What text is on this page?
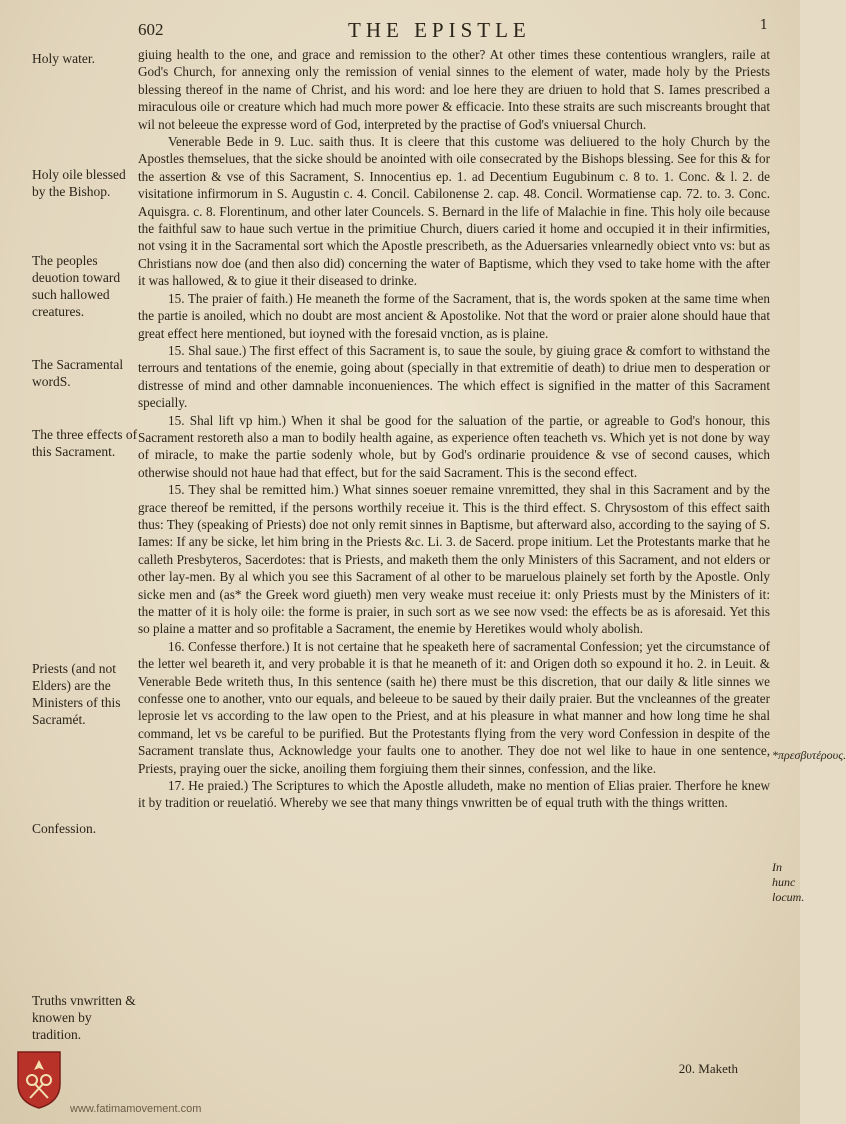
602	THE EPISTLE	1
Holy water.
Holy oile blessed by the Bishop.
The peoples deuotion toward such hallowed creatures.
The Sacramental wordS.
The three effects of this Sacrament.
Priests (and not Elders) are the Ministers of this Sacramét.
Confession.
Truths vnwritten & knowen by tradition.
*πρεσβυτέρους.
In hunc locum.

giuing health to the one, and grace and remission to the other? At other times these contentious wranglers, raile at God's Church, for annexing only the remission of venial sinnes to the element of water, made holy by the Priests blessing thereof in the name of Christ, and his word: and loe here they are driuen to hold that S. Iames prescribed a miraculous oile or creature which had much more power & efficacie. Into these straits are such miscreants brought that wil not beleeue the expresse word of God, interpreted by the practise of God's vniuersal Church.

Venerable Bede in 9. Luc. saith thus. It is cleere that this custome was deliuered to the holy Church by the Apostles themselues, that the sicke should be anointed with oile consecrated by the Bishops blessing. See for this & for the assertion & vse of this Sacrament, S. Innocentius ep. 1. ad Decentium Eugubinum c. 8 to. 1. Conc. & l. 2. de visitatione infirmorum in S. Augustin c. 4. Concil. Cabilonense 2. cap. 48. Concil. Wormatiense cap. 72. to. 3. Conc. Aquisgra. c. 8. Florentinum, and other later Councels. S. Bernard in the life of Malachie in fine. This holy oile because the faithful saw to haue such vertue in the primitiue Church, diuers caried it home and occupied it in their infirmities, not vsing it in the Sacramental sort which the Apostle prescribeth, as the Aduersaries vnlearnedly obiect vnto vs: but as Christians now doe (and then also did) concerning the water of Baptisme, which they vsed to take home with the after it was hallowed, & to giue it their diseased to drinke.

15. The praier of faith.) He meaneth the forme of the Sacrament, that is, the words spoken at the same time when the partie is anoiled, which no doubt are most ancient & Apostolike. Not that the word or praier alone should haue that great effect here mentioned, but ioyned with the foresaid vnction, as is plaine.

15. Shal saue.) The first effect of this Sacrament is, to saue the soule, by giuing grace & comfort to withstand the terrours and tentations of the enemie, going about (specially in that extremitie of death) to driue men to desperation or distresse of mind and other damnable inconueniences. The which effect is signified in the matter of this Sacrament specially.

15. Shal lift vp him.) When it shal be good for the saluation of the partie, or agreable to God's honour, this Sacrament restoreth also a man to bodily health againe, as experience often teacheth vs. Which yet is not done by way of miracle, to make the partie sodenly whole, but by God's ordinarie prouidence & vse of second causes, which otherwise should not haue had that effect, but for the said Sacrament. This is the second effect.

15. They shal be remitted him.) What sinnes soeuer remaine vnremitted, they shal in this Sacrament and by the grace thereof be remitted, if the persons worthily receiue it. This is the third effect. S. Chrysostom of this effect saith thus: They (speaking of Priests) doe not only remit sinnes in Baptisme, but afterward also, according to the saying of S. Iames: If any be sicke, let him bring in the Priests &c. Li. 3. de Sacerd. prope initium. Let the Protestants marke that he calleth Presbyteros, Sacerdotes: that is Priests, and maketh them the only Ministers of this Sacrament, and not elders or other lay-men. By al which you see this Sacrament of al other to be maruelous plainely set forth by the Apostle. Only sicke men and (as* the Greek word giueth) men very weake must receiue it: only Priests must by the Ministers of it: the matter of it is holy oile: the forme is praier, in such sort as we see now vsed: the effects be as is aforesaid. Yet this so plaine a matter and so profitable a Sacrament, the enemie by Heretikes would wholy abolish.

16. Confesse therfore.) It is not certaine that he speaketh here of sacramental Confession; yet the circumstance of the letter wel beareth it, and very probable it is that he meaneth of it: and Origen doth so expound it ho. 2. in Leuit. & Venerable Bede writeth thus, In this sentence (saith he) there must be this discretion, that our daily & litle sinnes we confesse one to another, vnto our equals, and beleeue to be saued by their daily praier. But the vncleannes of the greater leprosie let vs according to the law open to the Priest, and at his pleasure in what manner and how long time he shal command, let vs be careful to be purified. But the Protestants flying from the very word Confession in despite of the Sacrament translate thus, Acknowledge your faults one to another. They doe not wel like to haue in one sentence, Priests, praying ouer the sicke, anoiling them forgiuing them their sinnes, confession, and the like.

17. He praied.) The Scriptures to which the Apostle alludeth, make no mention of Elias praier. Therfore he knew it by tradition or reuelatió. Whereby we see that many things vnwritten be of equal truth with the things written.

20. Maketh
www.fatimamovement.com
